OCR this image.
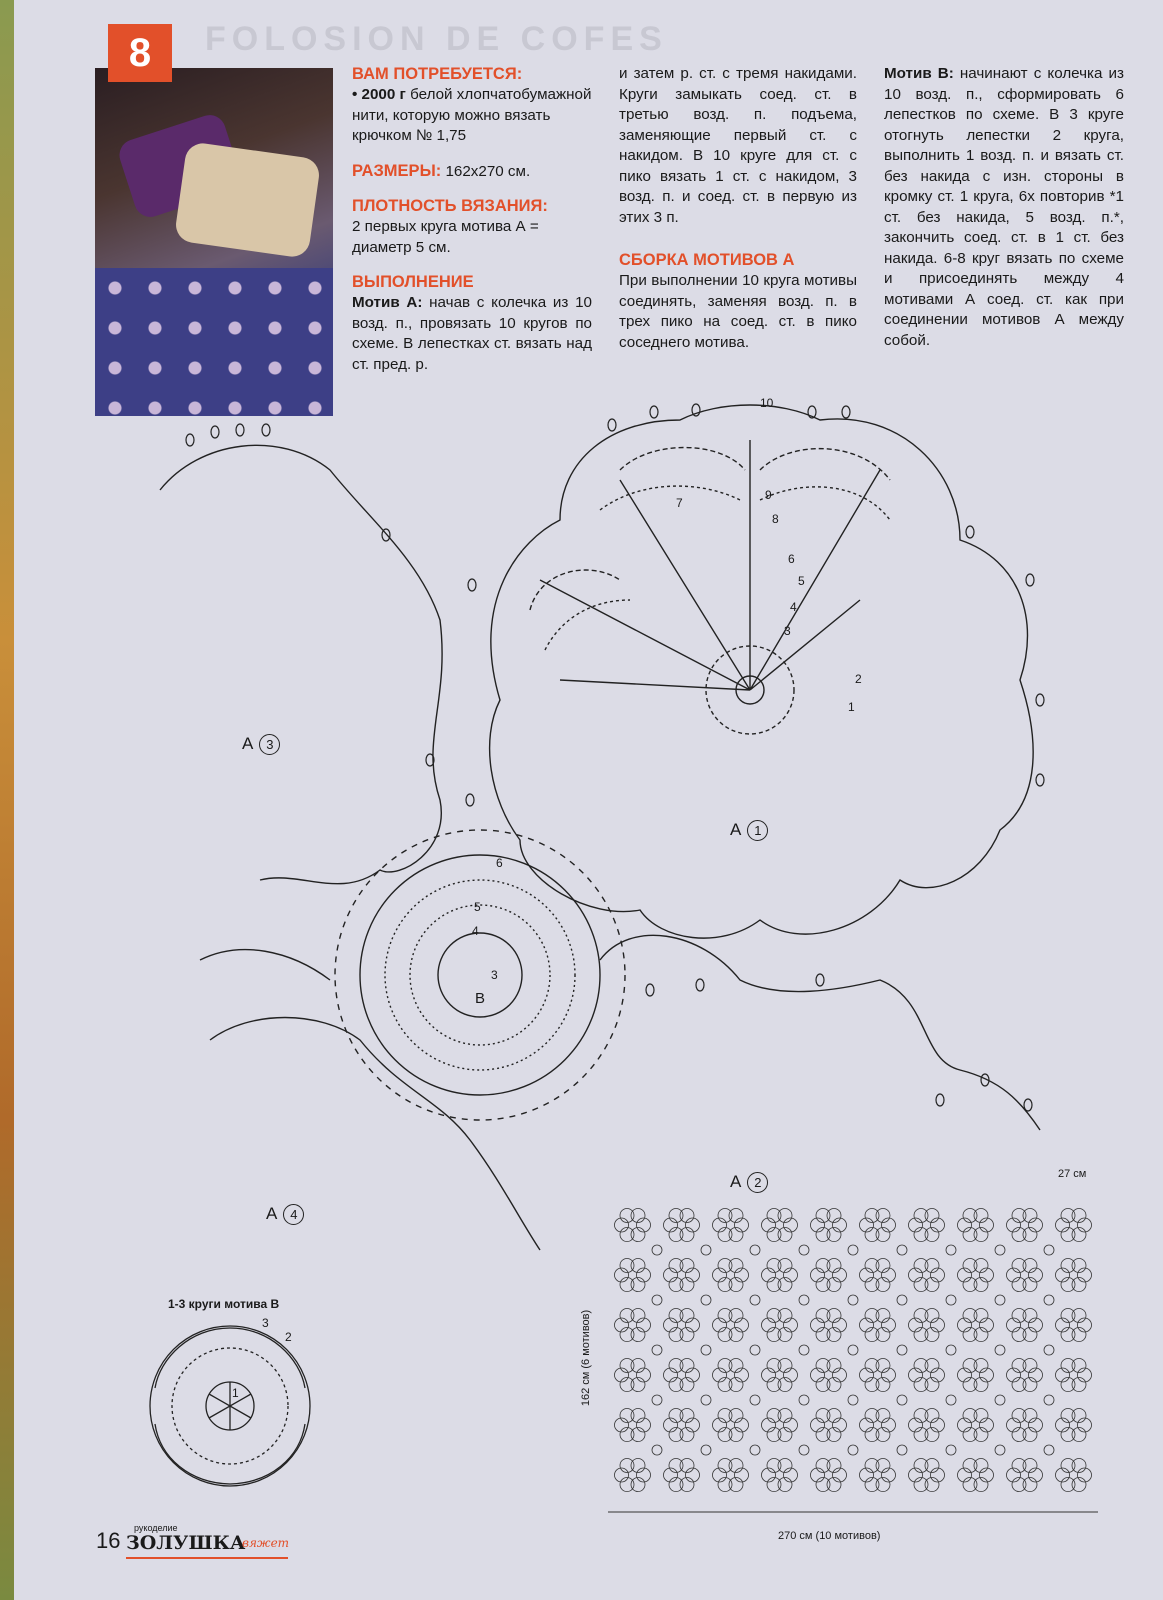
FOLOSION DE COFES
8	ВАМ ПОТРЕБУЕТСЯ:

• 2000 г белой хлопчатобумажной нити, которую можно вязать крючком № 1,75

РАЗМЕРЫ: 162х270 см.

ПЛОТНОСТЬ ВЯЗАНИЯ:

2 первых круга мотива А = диаметр 5 см.

ВЫПОЛНЕНИЕ

Мотив А: начав с колечка из 10 возд. п., провязать 10 кругов по схеме. В лепестках ст. вязать над ст. пред. р.

и затем р. ст. с тремя накидами. Круги замыкать соед. ст. в третью возд. п. подъема, заменяющие первый ст. с накидом. В 10 круге для ст. с пико вязать 1 ст. с накидом, 3 возд. п. и соед. ст. в первую из этих 3 п.

СБОРКА МОТИВОВ А

При выполнении 10 круга мотивы соединять, заменяя возд. п. в трех пико на соед. ст. в пико соседнего мотива.

Мотив В: начинают с колечка из 10 возд. п., сформировать 6 лепестков по схеме. В 3 круге отогнуть лепестки 2 круга, выполнить 1 возд. п. и вязать ст. без накида с изн. стороны в кромку ст. 1 круга, 6х повторив *1 ст. без накида, 5 возд. п.*, закончить соед. ст. в 1 ст. без накида. 6-8 круг вязать по схеме и присоединять между 4 мотивами А соед. ст. как при соединении мотивов А между собой.

10
9
8
7
6
5
4
3
2
1
6
5
4
3
А 3
А 1
А 2
А 4
В
1-3 круги мотива В
3
2
1
27 см
270 см (10 мотивов)
162 см (6 мотивов)
16 рукоделие
ЗОЛУШКА
вяжет
